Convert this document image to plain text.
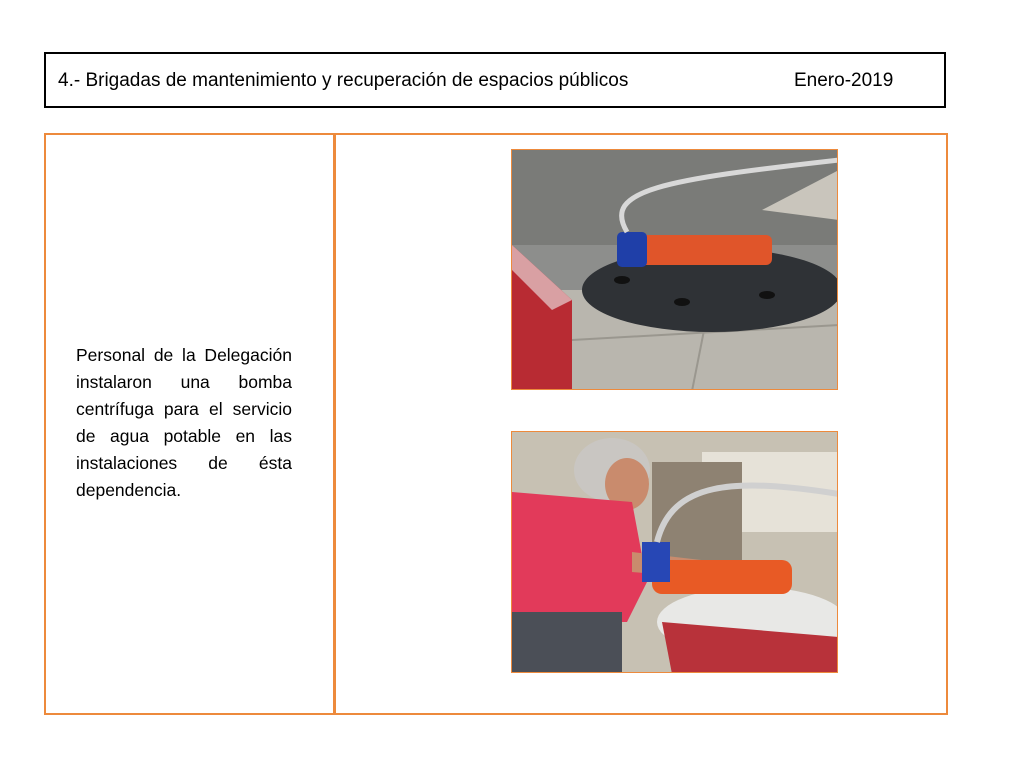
4.- Brigadas de mantenimiento y recuperación de espacios públicos	Enero-2019

Personal de la Delegación instalaron una bomba centrífuga para el servicio de agua potable en las instalaciones de ésta dependencia.
